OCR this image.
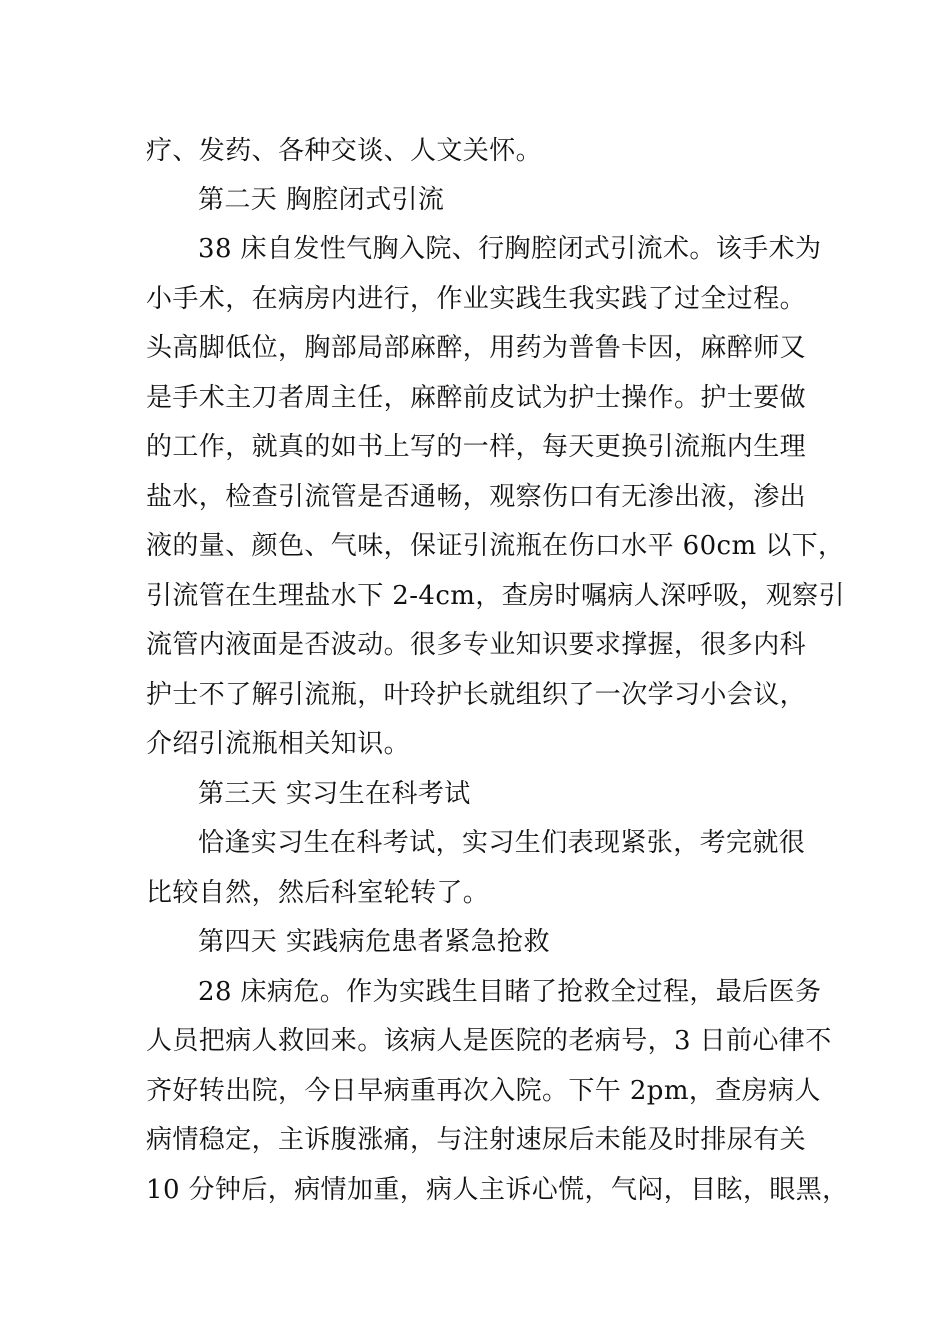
疗、发药、各种交谈、人文关怀。
第二天 胸腔闭式引流
38 床自发性气胸入院、行胸腔闭式引流术。该手术为
小手术，在病房内进行，作业实践生我实践了过全过程。
头高脚低位，胸部局部麻醉，用药为普鲁卡因，麻醉师又
是手术主刀者周主任，麻醉前皮试为护士操作。护士要做
的工作，就真的如书上写的一样，每天更换引流瓶内生理
盐水，检查引流管是否通畅，观察伤口有无渗出液，渗出
液的量、颜色、气味，保证引流瓶在伤口水平 60cm 以下，
引流管在生理盐水下 2-4cm，查房时嘱病人深呼吸，观察引
流管内液面是否波动。很多专业知识要求撑握，很多内科
护士不了解引流瓶，叶玲护长就组织了一次学习小会议，
介绍引流瓶相关知识。
第三天 实习生在科考试
恰逢实习生在科考试，实习生们表现紧张，考完就很
比较自然，然后科室轮转了。
第四天 实践病危患者紧急抢救
28 床病危。作为实践生目睹了抢救全过程，最后医务
人员把病人救回来。该病人是医院的老病号，3 日前心律不
齐好转出院，今日早病重再次入院。下午 2pm，查房病人
病情稳定，主诉腹涨痛，与注射速尿后未能及时排尿有关
10 分钟后，病情加重，病人主诉心慌，气闷，目眩，眼黑，
